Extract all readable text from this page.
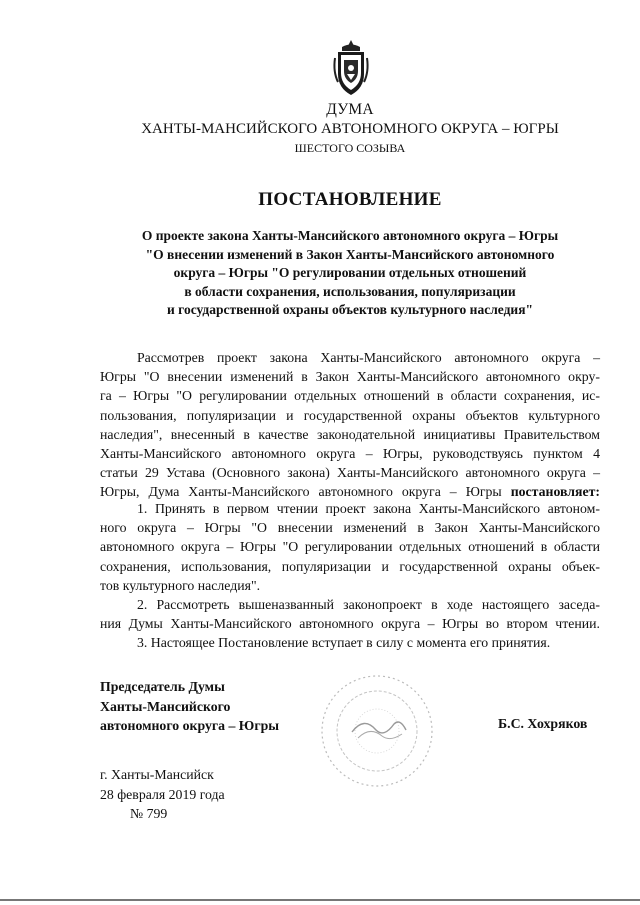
ДУМА
ХАНТЫ-МАНСИЙСКОГО АВТОНОМНОГО ОКРУГА – ЮГРЫ
ШЕСТОГО СОЗЫВА
ПОСТАНОВЛЕНИЕ
О проекте закона Ханты-Мансийского автономного округа – Югры
"О внесении изменений в Закон Ханты-Мансийского автономного
округа – Югры "О регулировании отдельных отношений
в области сохранения, использования, популяризации
и государственной охраны объектов культурного наследия"
Рассмотрев проект закона Ханты-Мансийского автономного округа –
Югры "О внесении изменений в Закон Ханты-Мансийского автономного окру-
га – Югры "О регулировании отдельных отношений в области сохранения, ис-
пользования, популяризации и государственной охраны объектов культурного
наследия", внесенный в качестве законодательной инициативы Правительством
Ханты-Мансийского автономного округа – Югры, руководствуясь пунктом 4
статьи 29 Устава (Основного закона) Ханты-Мансийского автономного округа –
Югры, Дума Ханты-Мансийского автономного округа – Югры постановляет:
1. Принять в первом чтении проект закона Ханты-Мансийского автоном-
ного округа – Югры "О внесении изменений в Закон Ханты-Мансийского
автономного округа – Югры "О регулировании отдельных отношений в области
сохранения, использования, популяризации и государственной охраны объек-
тов культурного наследия".
2. Рассмотреть вышеназванный законопроект в ходе настоящего заседа-
ния Думы Ханты-Мансийского автономного округа – Югры во втором чтении.
3. Настоящее Постановление вступает в силу с момента его принятия.
Председатель Думы
Ханты-Мансийского
автономного округа – Югры	Б.С. Хохряков
г. Ханты-Мансийск
28 февраля 2019 года
№ 799
